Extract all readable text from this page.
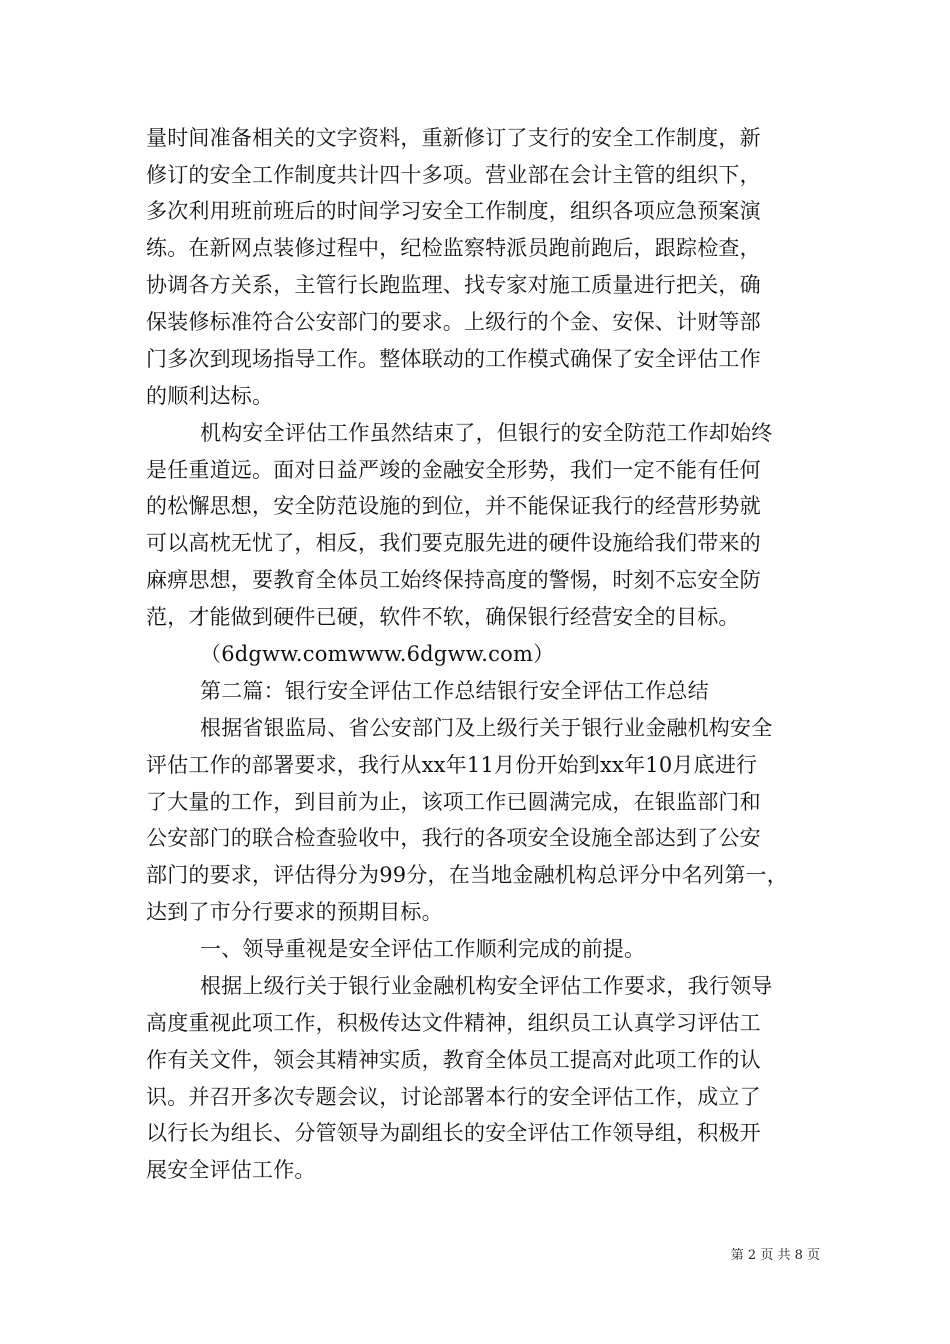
量时间准备相关的文字资料，重新修订了支行的安全工作制度，新
修订的安全工作制度共计四十多项。营业部在会计主管的组织下，
多次利用班前班后的时间学习安全工作制度，组织各项应急预案演
练。在新网点装修过程中，纪检监察特派员跑前跑后，跟踪检查，
协调各方关系，主管行长跑监理、找专家对施工质量进行把关，确
保装修标准符合公安部门的要求。上级行的个金、安保、计财等部
门多次到现场指导工作。整体联动的工作模式确保了安全评估工作
的顺利达标。
机构安全评估工作虽然结束了，但银行的安全防范工作却始终
是任重道远。面对日益严竣的金融安全形势，我们一定不能有任何
的松懈思想，安全防范设施的到位，并不能保证我行的经营形势就
可以高枕无忧了，相反，我们要克服先进的硬件设施给我们带来的
麻痹思想，要教育全体员工始终保持高度的警惕，时刻不忘安全防
范，才能做到硬件已硬，软件不软，确保银行经营安全的目标。
（6dgww.comwww.6dgww.com）
第二篇：银行安全评估工作总结银行安全评估工作总结
根据省银监局、省公安部门及上级行关于银行业金融机构安全
评估工作的部署要求，我行从xx年11月份开始到xx年10月底进行
了大量的工作，到目前为止，该项工作已圆满完成，在银监部门和
公安部门的联合检查验收中，我行的各项安全设施全部达到了公安
部门的要求，评估得分为99分，在当地金融机构总评分中名列第一，
达到了市分行要求的预期目标。
一、领导重视是安全评估工作顺利完成的前提。
根据上级行关于银行业金融机构安全评估工作要求，我行领导
高度重视此项工作，积极传达文件精神，组织员工认真学习评估工
作有关文件，领会其精神实质，教育全体员工提高对此项工作的认
识。并召开多次专题会议，讨论部署本行的安全评估工作，成立了
以行长为组长、分管领导为副组长的安全评估工作领导组，积极开
展安全评估工作。
第 2 页 共 8 页
